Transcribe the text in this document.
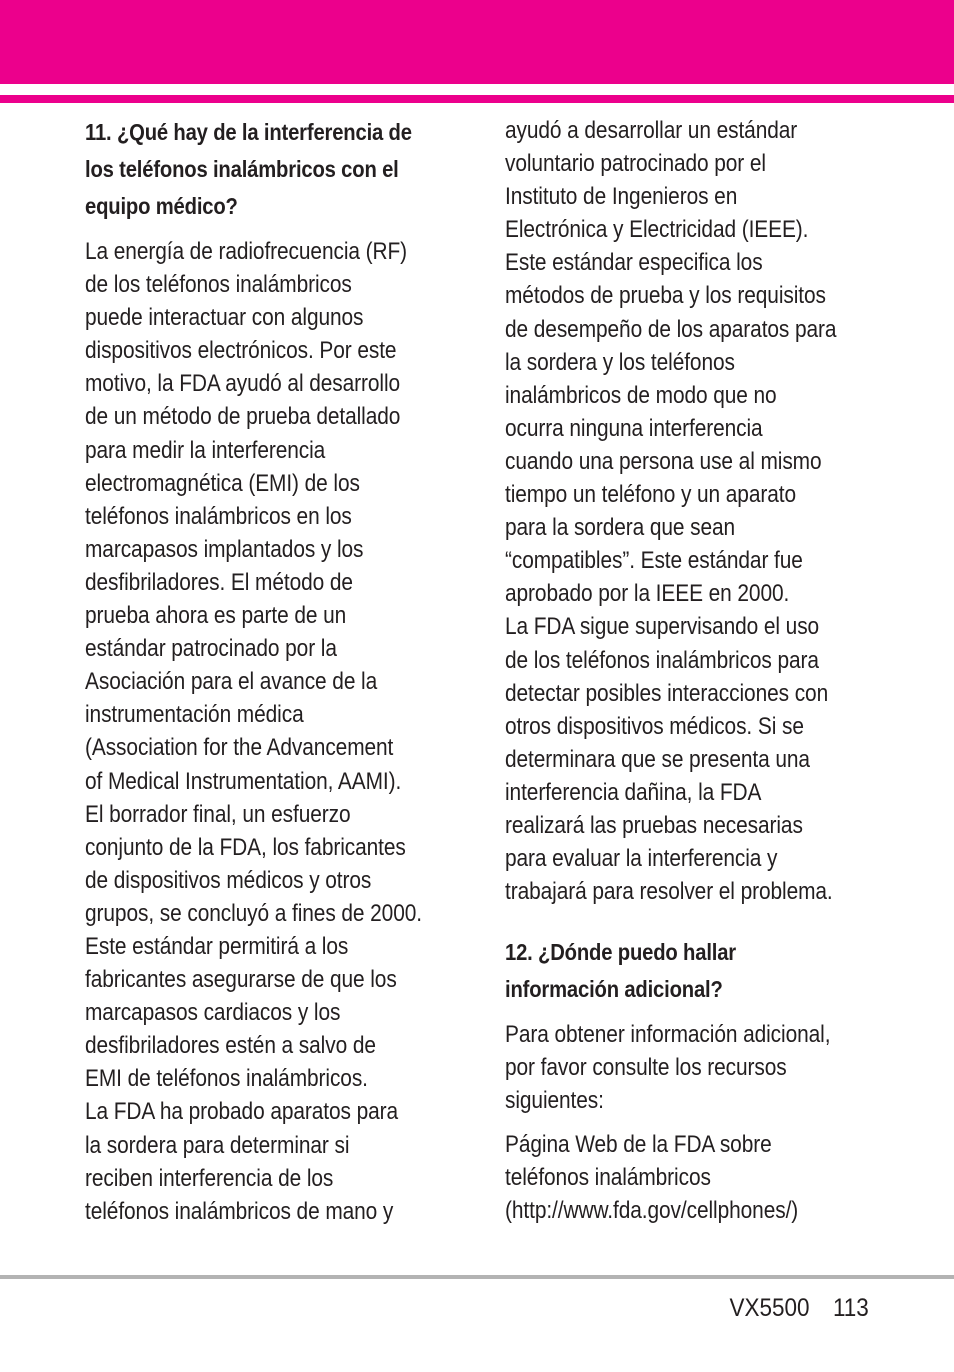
11. ¿Qué hay de la interferencia de
los teléfonos inalámbricos con el
equipo médico?
La energía de radiofrecuencia (RF)
de los teléfonos inalámbricos
puede interactuar con algunos
dispositivos electrónicos. Por este
motivo, la FDA ayudó al desarrollo
de un método de prueba detallado
para medir la interferencia
electromagnética (EMI) de los
teléfonos inalámbricos en los
marcapasos implantados y los
desfibriladores. El método de
prueba ahora es parte de un
estándar patrocinado por la
Asociación para el avance de la
instrumentación médica
(Association for the Advancement
of Medical Instrumentation, AAMI).
El borrador final, un esfuerzo
conjunto de la FDA, los fabricantes
de dispositivos médicos y otros
grupos, se concluyó a fines de 2000.
Este estándar permitirá a los
fabricantes asegurarse de que los
marcapasos cardiacos y los
desfibriladores estén a salvo de
EMI de teléfonos inalámbricos.
La FDA ha probado aparatos para
la sordera para determinar si
reciben interferencia de los
teléfonos inalámbricos de mano y
ayudó a desarrollar un estándar
voluntario patrocinado por el
Instituto de Ingenieros en
Electrónica y Electricidad (IEEE).
Este estándar especifica los
métodos de prueba y los requisitos
de desempeño de los aparatos para
la sordera y los teléfonos
inalámbricos de modo que no
ocurra ninguna interferencia
cuando una persona use al mismo
tiempo un teléfono y un aparato
para la sordera que sean
“compatibles”. Este estándar fue
aprobado por la IEEE en 2000.
La FDA sigue supervisando el uso
de los teléfonos inalámbricos para
detectar posibles interacciones con
otros dispositivos médicos. Si se
determinara que se presenta una
interferencia dañina, la FDA
realizará las pruebas necesarias
para evaluar la interferencia y
trabajará para resolver el problema.
12. ¿Dónde puedo hallar
información adicional?
Para obtener información adicional,
por favor consulte los recursos
siguientes:
Página Web de la FDA sobre
teléfonos inalámbricos
(http://www.fda.gov/cellphones/)
VX5500 113
